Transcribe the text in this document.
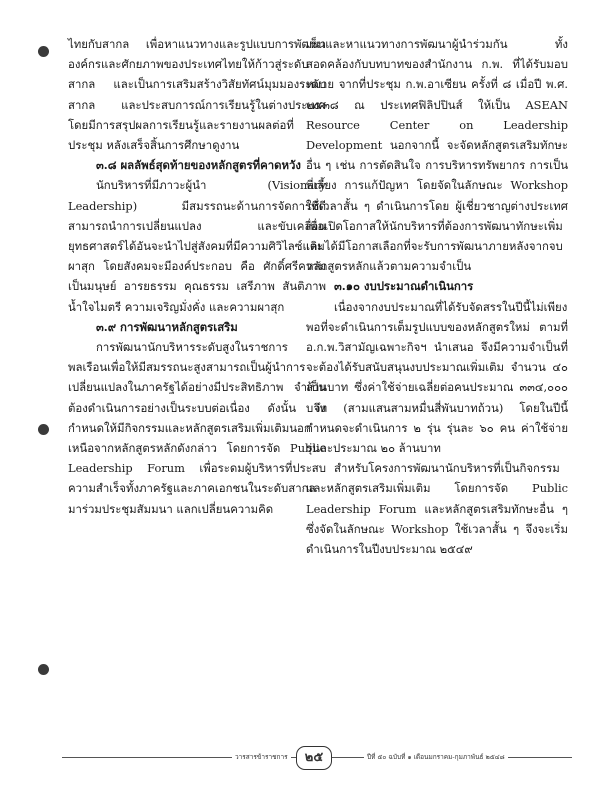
ไทยกับสากล เพื่อหาแนวทางและรูปแบบการพัฒนาองค์กรและศักยภาพของประเทศไทยให้ก้าวสู่ระดับสากล และเป็นการเสริมสร้างวิสัยทัศน์มุมมองระดับสากล และประสบการณ์การเรียนรู้ในต่างประเทศ โดยมีการสรุปผลการเรียนรู้และรายงานผลต่อที่ประชุม หลังเสร็จสิ้นการศึกษาดูงาน

๓.๘ ผลลัพธ์สุดท้ายของหลักสูตรที่คาดหวัง

นักบริหารที่มีภาวะผู้นำ (Visionary Leadership) มีสมรรถนะด้านการจัดการที่ดี สามารถนำการเปลี่ยนแปลง และขับเคลื่อนยุทธศาสตร์ได้อันจะนำไปสู่สังคมที่มีความศิวิไลซ์และผาสุก โดยสังคมจะมีองค์ประกอบ คือ ศักดิ์ศรีความเป็นมนุษย์ อารยธรรม คุณธรรม เสรีภาพ สันติภาพ น้ำใจไมตรี ความเจริญมั่งคั่ง และความผาสุก

๓.๙ การพัฒนาหลักสูตรเสริม

การพัฒนานักบริหารระดับสูงในราชการพลเรือนเพื่อให้มีสมรรถนะสูงสามารถเป็นผู้นำการเปลี่ยนแปลงในภาครัฐได้อย่างมีประสิทธิภาพ จำเป็นต้องดำเนินการอย่างเป็นระบบต่อเนื่อง ดังนั้น จึงกำหนดให้มีกิจกรรมและหลักสูตรเสริมเพิ่มเติมนอกเหนือจากหลักสูตรหลักดังกล่าว โดยการจัด Public Leadership Forum เพื่อระดมผู้บริหารที่ประสบความสำเร็จทั้งภาครัฐและภาคเอกชนในระดับสากลมาร่วมประชุมสัมมนา แลกเปลี่ยนความคิด

เห็นและหาแนวทางการพัฒนาผู้นำร่วมกัน ทั้งสอดคล้องกับบทบาทของสำนักงาน ก.พ. ที่ได้รับมอบหมาย จากที่ประชุม ก.พ.อาเซียน ครั้งที่ ๘ เมื่อปี พ.ศ. ๒๕๓๘ ณ ประเทศฟิลิปปินส์ ให้เป็น ASEAN Resource Center on Leadership Development นอกจากนี้ จะจัดหลักสูตรเสริมทักษะอื่น ๆ เช่น การตัดสินใจ การบริหารทรัพยากร การเป็นพี่เลี้ยง การแก้ปัญหา โดยจัดในลักษณะ Workshop ใช้เวลาสั้น ๆ ดำเนินการโดย ผู้เชี่ยวชาญต่างประเทศ เพื่อเปิดโอกาสให้นักบริหารที่ต้องการพัฒนาทักษะเพิ่มเติมได้มีโอกาสเลือกที่จะรับการพัฒนาภายหลังจากจบหลักสูตรหลักแล้วตามความจำเป็น

๓.๑๐ งบประมาณดำเนินการ

เนื่องจากงบประมาณที่ได้รับจัดสรรในปีนี้ไม่เพียงพอที่จะดำเนินการเต็มรูปแบบของหลักสูตรใหม่ ตามที่ อ.ก.พ.วิสามัญเฉพาะกิจฯ นำเสนอ จึงมีความจำเป็นที่จะต้องได้รับสนับสนุนงบประมาณเพิ่มเติม จำนวน ๔๐ ล้านบาท ซึ่งค่าใช้จ่ายเฉลี่ยต่อคนประมาณ ๓๓๔,๐๐๐ บาท (สามแสนสามหมื่นสี่พันบาทถ้วน) โดยในปีนี้ กำหนดจะดำเนินการ ๒ รุ่น รุ่นละ ๖๐ คน ค่าใช้จ่ายรุ่นละประมาณ ๒๐ ล้านบาท

สำหรับโครงการพัฒนานักบริหารที่เป็นกิจกรรมและหลักสูตรเสริมเพิ่มเติม โดยการจัด Public Leadership Forum และหลักสูตรเสริมทักษะอื่น ๆ ซึ่งจัดในลักษณะ Workshop ใช้เวลาสั้น ๆ จึงจะเริ่มดำเนินการในปีงบประมาณ ๒๕๔๙

วารสารข้าราชการ	๒๕	ปีที่ ๕๐ ฉบับที่ ๑ เดือนมกราคม-กุมภาพันธ์ ๒๕๔๘
